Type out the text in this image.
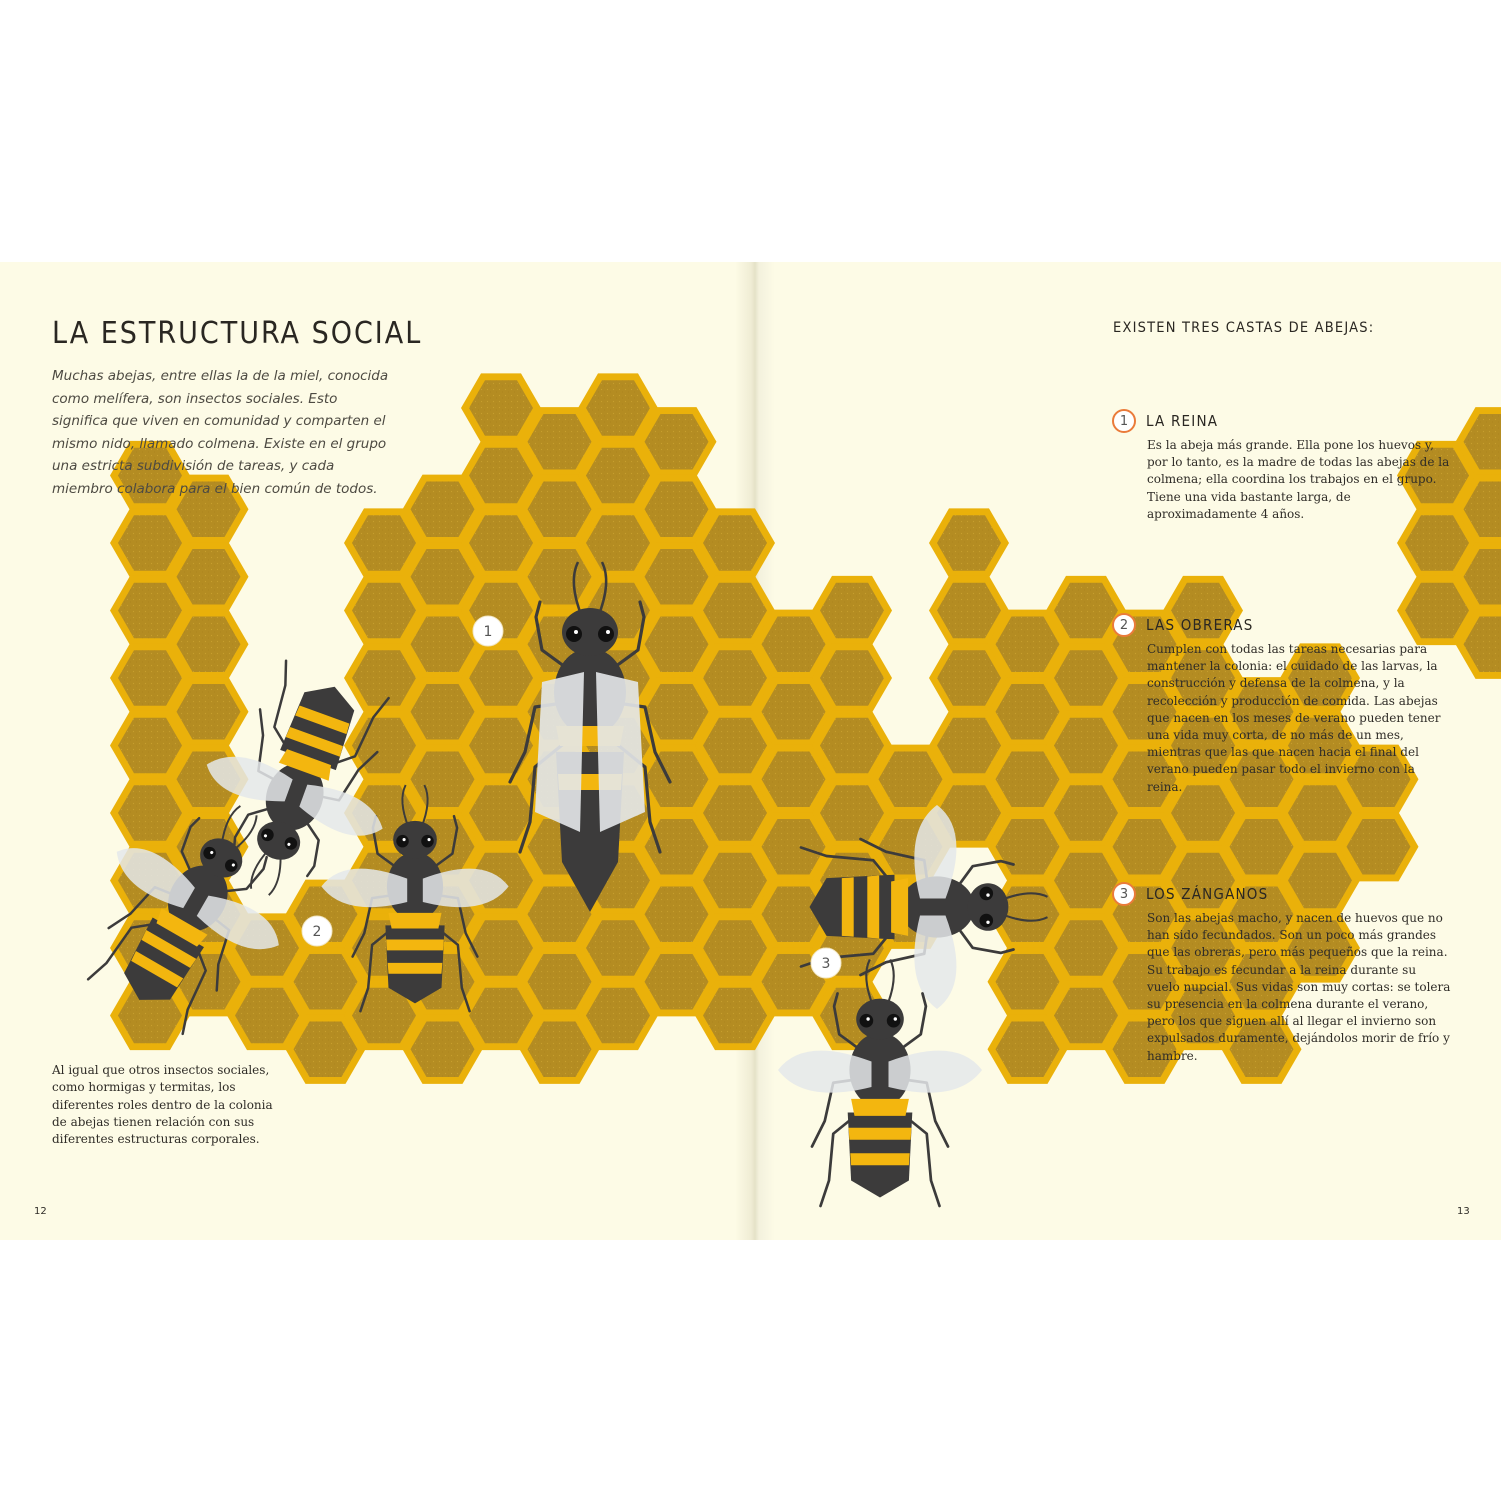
1
2
3
LA ESTRUCTURA SOCIAL

Muchas abejas, entre ellas la de la miel, conocida como melífera, son insectos sociales. Esto significa que viven en comunidad y comparten el mismo nido, llamado colmena. Existe en el grupo una estricta subdivisión de tareas, y cada miembro colabora para el bien común de todos.

Al igual que otros insectos sociales, como hormigas y termitas, los diferentes roles dentro de la colonia de abejas tienen relación con sus diferentes estructuras corporales.

12	13
EXISTEN TRES CASTAS DE ABEJAS:
1	LA REINA

Es la abeja más grande. Ella pone los huevos y, por lo tanto, es la madre de todas las abejas de la colmena; ella coordina los trabajos en el grupo. Tiene una vida bastante larga, de aproximadamente 4 años.

2	LAS OBRERAS

Cumplen con todas las tareas necesarias para mantener la colonia: el cuidado de las larvas, la construcción y defensa de la colmena, y la recolección y producción de comida. Las abejas que nacen en los meses de verano pueden tener una vida muy corta, de no más de un mes, mientras que las que nacen hacia el final del verano pueden pasar todo el invierno con la reina.

3	LOS ZÁNGANOS

Son las abejas macho, y nacen de huevos que no han sido fecundados. Son un poco más grandes que las obreras, pero más pequeños que la reina. Su trabajo es fecundar a la reina durante su vuelo nupcial. Sus vidas son muy cortas: se tolera su presencia en la colmena durante el verano, pero los que siguen allí al llegar el invierno son expulsados duramente, dejándolos morir de frío y hambre.
